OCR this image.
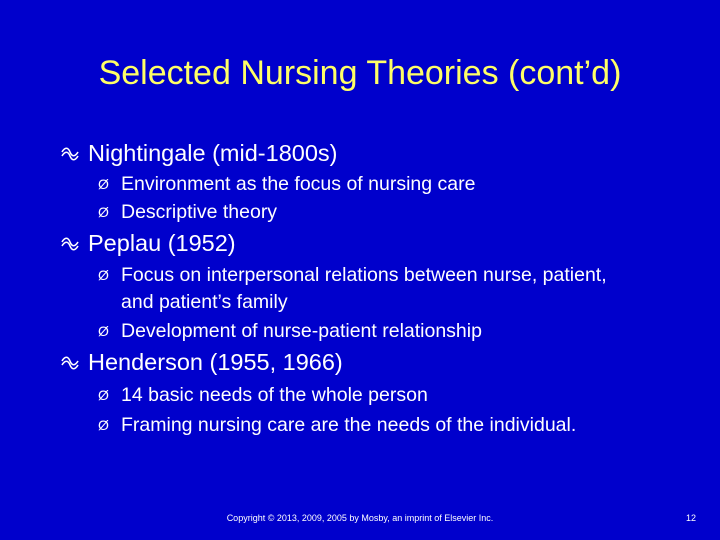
Selected Nursing Theories (cont’d)
Nightingale (mid-1800s)
Ø Environment as the focus of nursing care
Ø Descriptive theory
Peplau (1952)
Ø Focus on interpersonal relations between nurse, patient, and patient’s family
Ø Development of nurse-patient relationship
Henderson (1955, 1966)
Ø 14 basic needs of the whole person
Ø Framing nursing care are the needs of the individual.
Copyright © 2013, 2009, 2005 by Mosby, an imprint of Elsevier Inc.	12
